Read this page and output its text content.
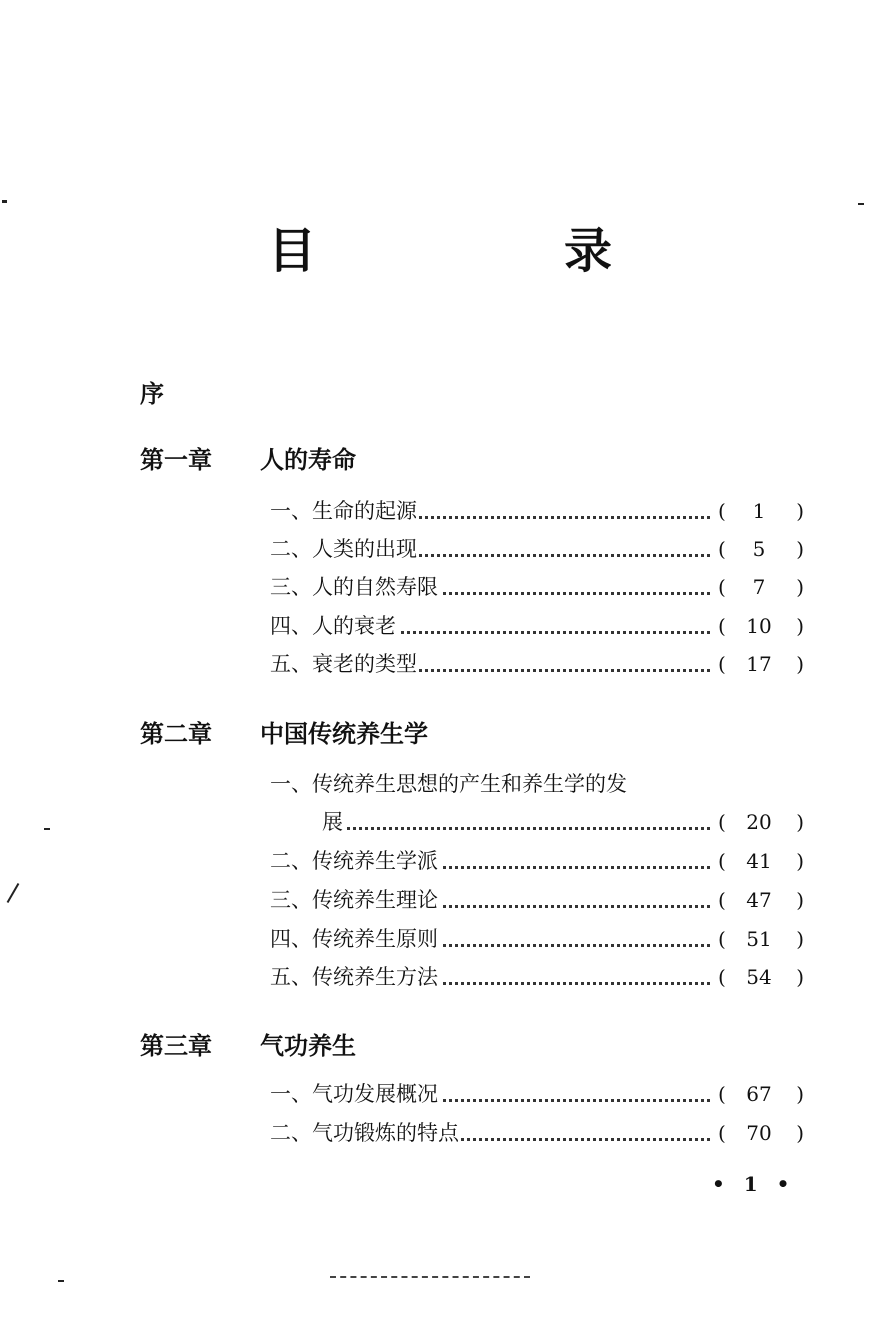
目　录
序
第一章 人的寿命
一、生命的起源	(	1	)
二、人类的出现	(	5	)
三、人的自然寿限	(	7	)
四、人的衰老	(	10	)
五、衰老的类型	(	17	)
第二章 中国传统养生学
一、传统养生思想的产生和养生学的发
展	(	20	)
二、传统养生学派	(	41	)
三、传统养生理论	(	47	)
四、传统养生原则	(	51	)
五、传统养生方法	(	54	)
第三章 气功养生
一、气功发展概况	(	67	)
二、气功锻炼的特点	(	70	)
• 1 •
